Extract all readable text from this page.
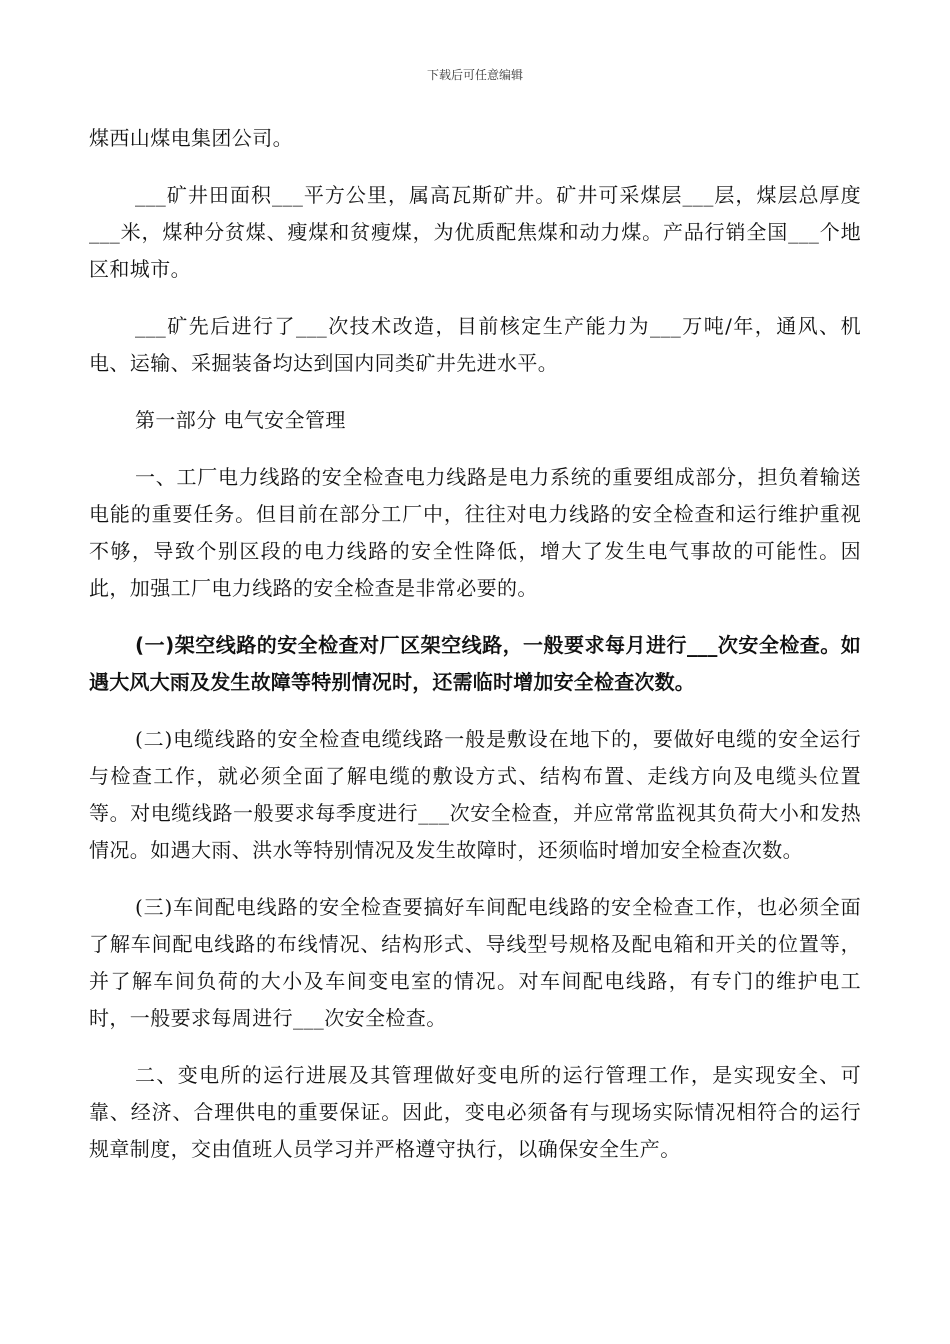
下载后可任意编辑

煤西山煤电集团公司。

___矿井田面积___平方公里，属高瓦斯矿井。矿井可采煤层___层，煤层总厚度___米，煤种分贫煤、瘦煤和贫瘦煤，为优质配焦煤和动力煤。产品行销全国___个地区和城市。

___矿先后进行了___次技术改造，目前核定生产能力为___万吨/年，通风、机电、运输、采掘装备均达到国内同类矿井先进水平。

第一部分 电气安全管理

一、工厂电力线路的安全检查电力线路是电力系统的重要组成部分，担负着输送电能的重要任务。但目前在部分工厂中，往往对电力线路的安全检查和运行维护重视不够，导致个别区段的电力线路的安全性降低，增大了发生电气事故的可能性。因此，加强工厂电力线路的安全检查是非常必要的。

(一)架空线路的安全检查对厂区架空线路，一般要求每月进行___次安全检查。如遇大风大雨及发生故障等特别情况时，还需临时增加安全检查次数。

(二)电缆线路的安全检查电缆线路一般是敷设在地下的，要做好电缆的安全运行与检查工作，就必须全面了解电缆的敷设方式、结构布置、走线方向及电缆头位置等。对电缆线路一般要求每季度进行___次安全检查，并应常常监视其负荷大小和发热情况。如遇大雨、洪水等特别情况及发生故障时，还须临时增加安全检查次数。

(三)车间配电线路的安全检查要搞好车间配电线路的安全检查工作，也必须全面了解车间配电线路的布线情况、结构形式、导线型号规格及配电箱和开关的位置等，并了解车间负荷的大小及车间变电室的情况。对车间配电线路，有专门的维护电工时，一般要求每周进行___次安全检查。

二、变电所的运行进展及其管理做好变电所的运行管理工作，是实现安全、可靠、经济、合理供电的重要保证。因此，变电必须备有与现场实际情况相符合的运行规章制度，交由值班人员学习并严格遵守执行，以确保安全生产。
